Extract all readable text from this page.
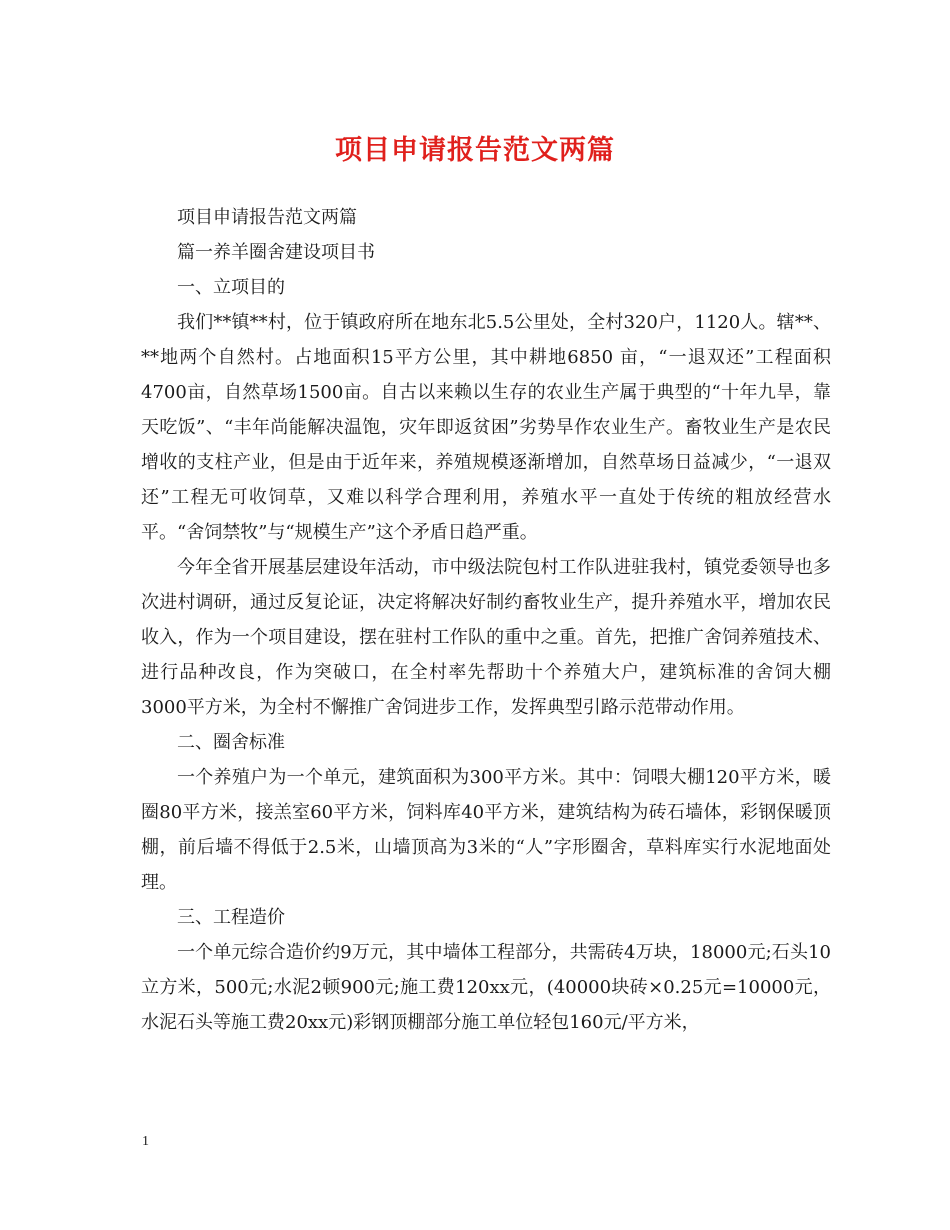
项目申请报告范文两篇

项目申请报告范文两篇

篇一养羊圈舍建设项目书

一、立项目的

我们**镇**村，位于镇政府所在地东北5.5公里处，全村320户，1120人。辖**、**地两个自然村。占地面积15平方公里，其中耕地6850 亩，“一退双还”工程面积4700亩，自然草场1500亩。自古以来赖以生存的农业生产属于典型的“十年九旱，靠天吃饭”、“丰年尚能解决温饱，灾年即返贫困”劣势旱作农业生产。畜牧业生产是农民增收的支柱产业，但是由于近年来，养殖规模逐渐增加，自然草场日益减少，“一退双还”工程无可收饲草，又难以科学合理利用，养殖水平一直处于传统的粗放经营水平。“舍饲禁牧”与“规模生产”这个矛盾日趋严重。

今年全省开展基层建设年活动，市中级法院包村工作队进驻我村，镇党委领导也多次进村调研，通过反复论证，决定将解决好制约畜牧业生产，提升养殖水平，增加农民收入，作为一个项目建设，摆在驻村工作队的重中之重。首先，把推广舍饲养殖技术、进行品种改良，作为突破口，在全村率先帮助十个养殖大户，建筑标准的舍饲大棚3000平方米，为全村不懈推广舍饲进步工作，发挥典型引路示范带动作用。

二、圈舍标准

一个养殖户为一个单元，建筑面积为300平方米。其中：饲喂大棚120平方米，暖圈80平方米，接羔室60平方米，饲料库40平方米，建筑结构为砖石墙体，彩钢保暖顶棚，前后墙不得低于2.5米，山墙顶高为3米的“人”字形圈舍，草料库实行水泥地面处理。

三、工程造价

一个单元综合造价约9万元，其中墙体工程部分，共需砖4万块，18000元;石头10立方米，500元;水泥2顿900元;施工费120xx元，(40000块砖×0.25元=10000元，水泥石头等施工费20xx元)彩钢顶棚部分施工单位轻包160元/平方米，

1
